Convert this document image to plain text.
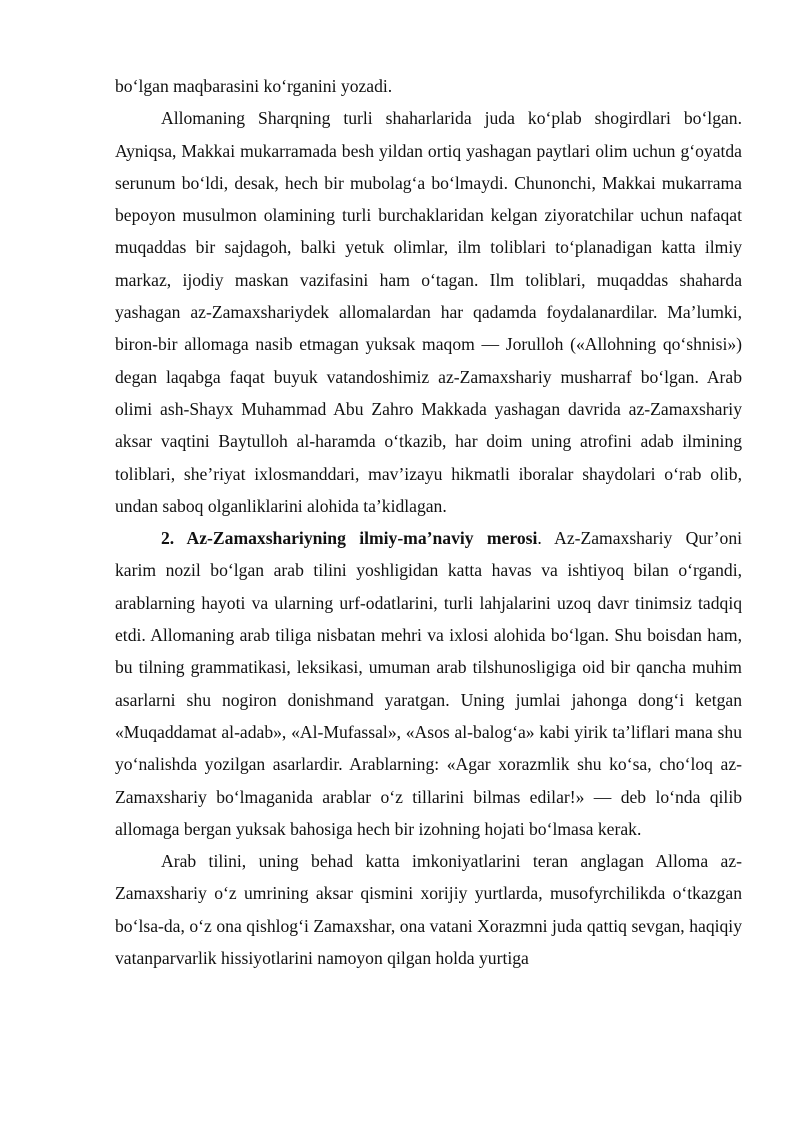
bo‘lgan maqbarasini ko‘rganini yozadi.

Allomaning Sharqning turli shaharlarida juda ko‘plab shogirdlari bo‘lgan. Ayniqsa, Makkai mukarramada besh yildan ortiq yashagan paytlari olim uchun g‘oyatda serunum bo‘ldi, desak, hech bir mubolag‘a bo‘lmaydi. Chunonchi, Makkai mukarrama bepoyon musulmon olamining turli burchaklaridan kelgan ziyoratchilar uchun nafaqat muqaddas bir sajdagoh, balki yetuk olimlar, ilm toliblari to‘planadigan katta ilmiy markaz, ijodiy maskan vazifasini ham o‘tagan. Ilm toliblari, muqaddas shaharda yashagan az-Zamaxshariydek allomalardan har qadamda foydalanardilar. Ma’lumki, biron-bir allomaga nasib etmagan yuksak maqom — Jorulloh («Allohning qo‘shnisi») degan laqabga faqat buyuk vatandoshimiz az-Zamaxshariy musharraf bo‘lgan. Arab olimi ash-Shayx Muhammad Abu Zahro Makkada yashagan davrida az-Zamaxshariy aksar vaqtini Baytulloh al-haramda o‘tkazib, har doim uning atrofini adab ilmining toliblari, she’riyat ixlosmanddari, mav’izayu hikmatli iboralar shaydolari o‘rab olib, undan saboq olganliklarini alohida ta’kidlagan.

2. Az-Zamaxshariyning ilmiy-ma’naviy merosi. Az-Zamaxshariy Qur’oni karim nozil bo‘lgan arab tilini yoshligidan katta havas va ishtiyoq bilan o‘rgandi, arablarning hayoti va ularning urf-odatlarini, turli lahjalarini uzoq davr tinimsiz tadqiq etdi. Allomaning arab tiliga nisbatan mehri va ixlosi alohida bo‘lgan. Shu boisdan ham, bu tilning grammatikasi, leksikasi, umuman arab tilshunosligiga oid bir qancha muhim asarlarni shu nogiron donishmand yaratgan. Uning jumlai jahonga dong‘i ketgan «Muqaddamat al-adab», «Al-Mufassal», «Asos al-balog‘a» kabi yirik ta’liflari mana shu yo‘nalishda yozilgan asarlardir. Arablarning: «Agar xorazmlik shu ko‘sa, cho‘loq az-Zamaxshariy bo‘lmaganida arablar o‘z tillarini bilmas edilar!» — deb lo‘nda qilib allomaga bergan yuksak bahosiga hech bir izohning hojati bo‘lmasa kerak.

Arab tilini, uning behad katta imkoniyatlarini teran anglagan Alloma az-Zamaxshariy o‘z umrining aksar qismini xorijiy yurtlarda, musofyrchilikda o‘tkazgan bo‘lsa-da, o‘z ona qishlog‘i Zamaxshar, ona vatani Xorazmni juda qattiq sevgan, haqiqiy vatanparvarlik hissiyotlarini namoyon qilgan holda yurtiga
